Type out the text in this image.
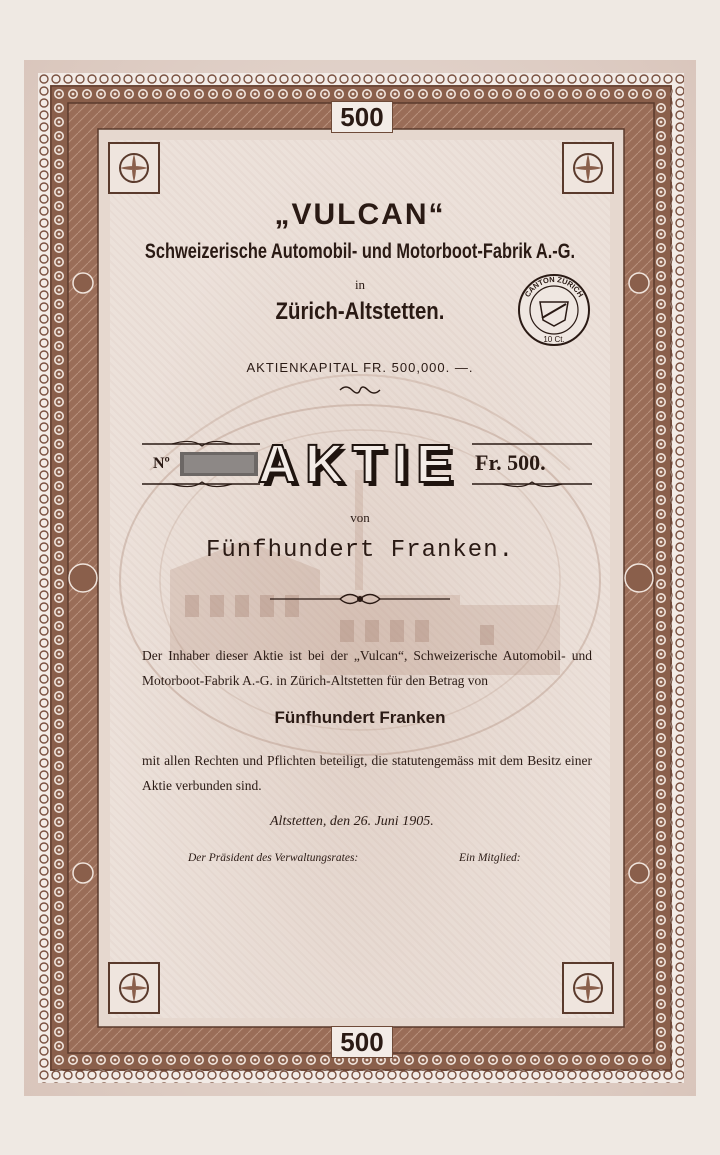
500
500
„VULCAN“
Schweizerische Automobil- und Motorboot-Fabrik A.-G.
in
Zürich-Altstetten.
CANTON ZÜRICH
10 Ct.
AKTIENKAPITAL FR. 500,000. —.
Nº AKTIE Fr. 500.
von
Fünfhundert Franken.
Der Inhaber dieser Aktie ist bei der „Vulcan“, Schweizerische Automobil- und Motorboot-Fabrik A.-G. in Zürich-Altstetten für den Betrag von
Fünfhundert Franken
mit allen Rechten und Pflichten beteiligt, die statutengemäss mit dem Besitz einer Aktie verbunden sind.
Altstetten, den 26. Juni 1905.
Der Präsident des Verwaltungsrates:	Ein Mitglied:
